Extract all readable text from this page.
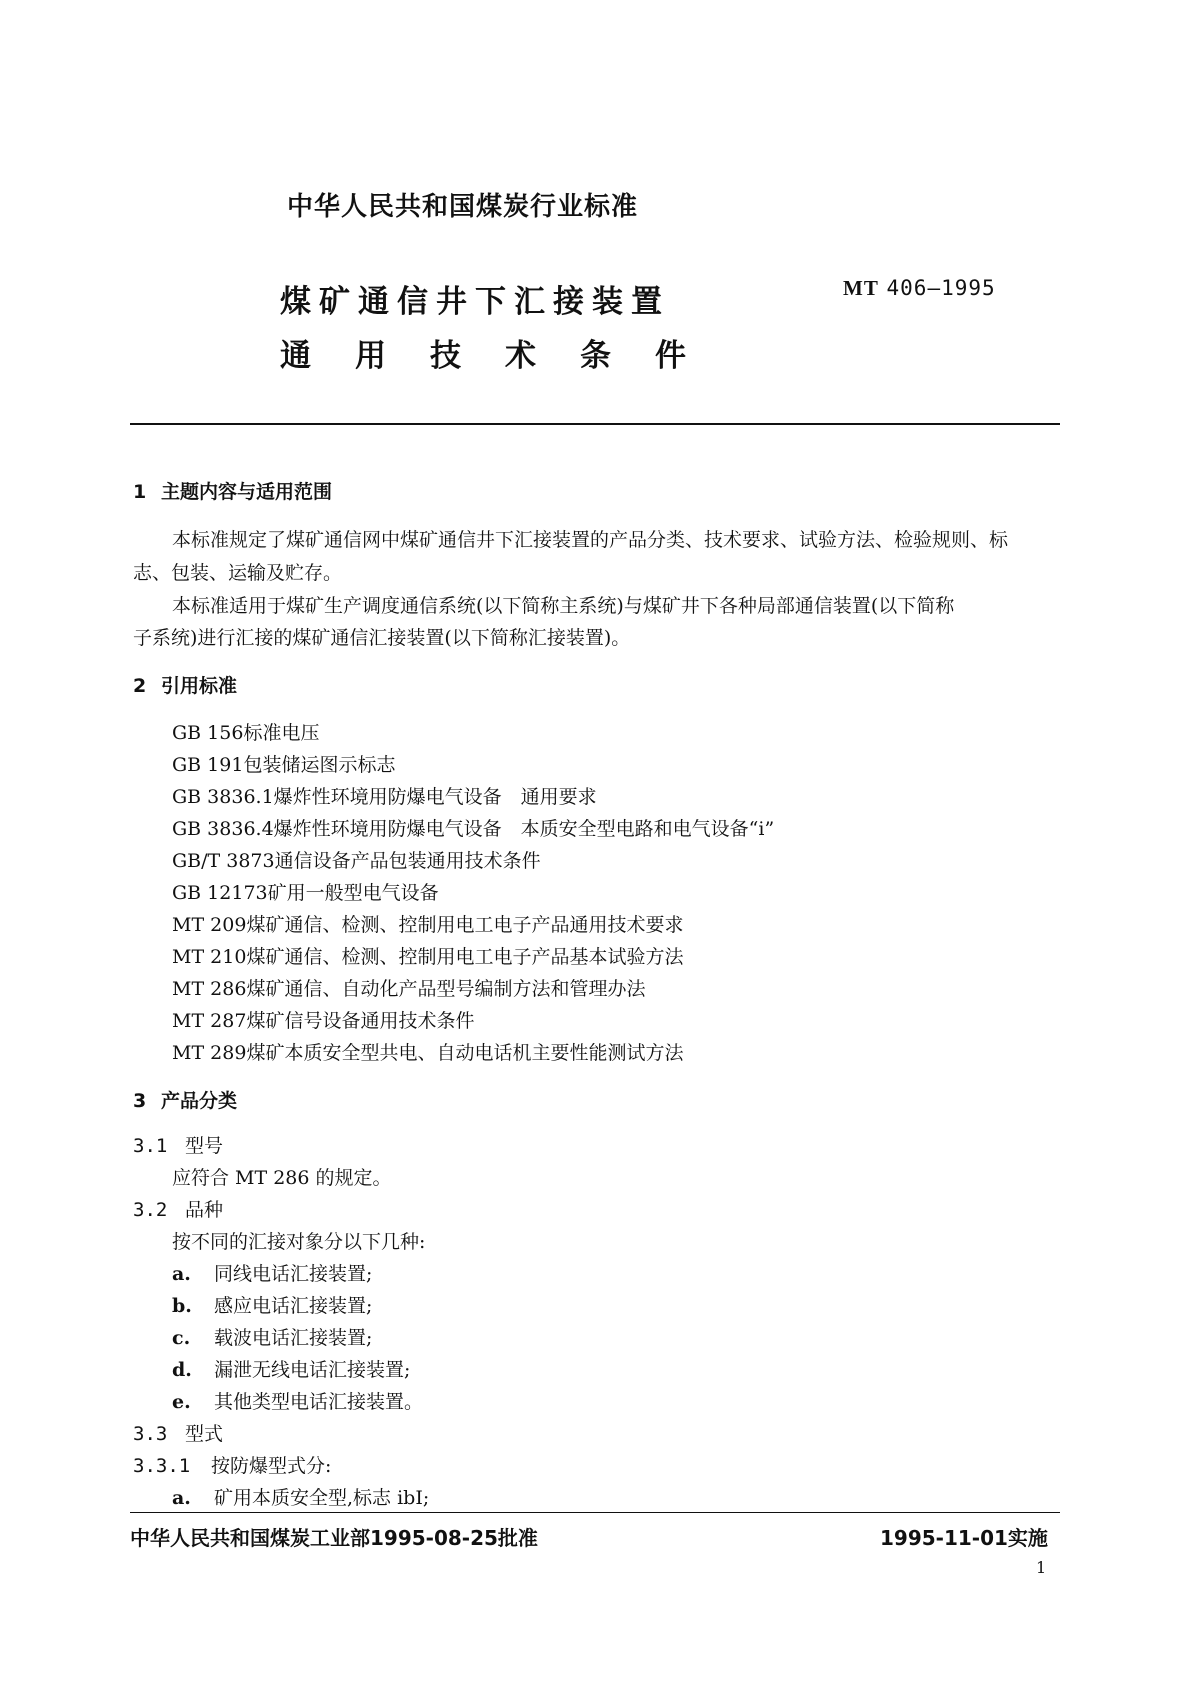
中华人民共和国煤炭行业标准
煤矿通信井下汇接装置
通用技术条件
MT 406—1995
1 主题内容与适用范围
本标准规定了煤矿通信网中煤矿通信井下汇接装置的产品分类、技术要求、试验方法、检验规则、标
志、包装、运输及贮存。
本标准适用于煤矿生产调度通信系统(以下简称主系统)与煤矿井下各种局部通信装置(以下简称
子系统)进行汇接的煤矿通信汇接装置(以下简称汇接装置)。
2 引用标准
GB 156标准电压
GB 191包装储运图示标志
GB 3836.1爆炸性环境用防爆电气设备　通用要求
GB 3836.4爆炸性环境用防爆电气设备　本质安全型电路和电气设备“i”
GB/T 3873通信设备产品包装通用技术条件
GB 12173矿用一般型电气设备
MT 209煤矿通信、检测、控制用电工电子产品通用技术要求
MT 210煤矿通信、检测、控制用电工电子产品基本试验方法
MT 286煤矿通信、自动化产品型号编制方法和管理办法
MT 287煤矿信号设备通用技术条件
MT 289煤矿本质安全型共电、自动电话机主要性能测试方法
3 产品分类
3.1 型号
应符合 MT 286 的规定。
3.2 品种
按不同的汇接对象分以下几种:
a. 同线电话汇接装置;
b. 感应电话汇接装置;
c. 载波电话汇接装置;
d. 漏泄无线电话汇接装置;
e. 其他类型电话汇接装置。
3.3 型式
3.3.1 按防爆型式分:
a. 矿用本质安全型,标志 ibI;
中华人民共和国煤炭工业部1995-08-25批准	1995-11-01实施
1
